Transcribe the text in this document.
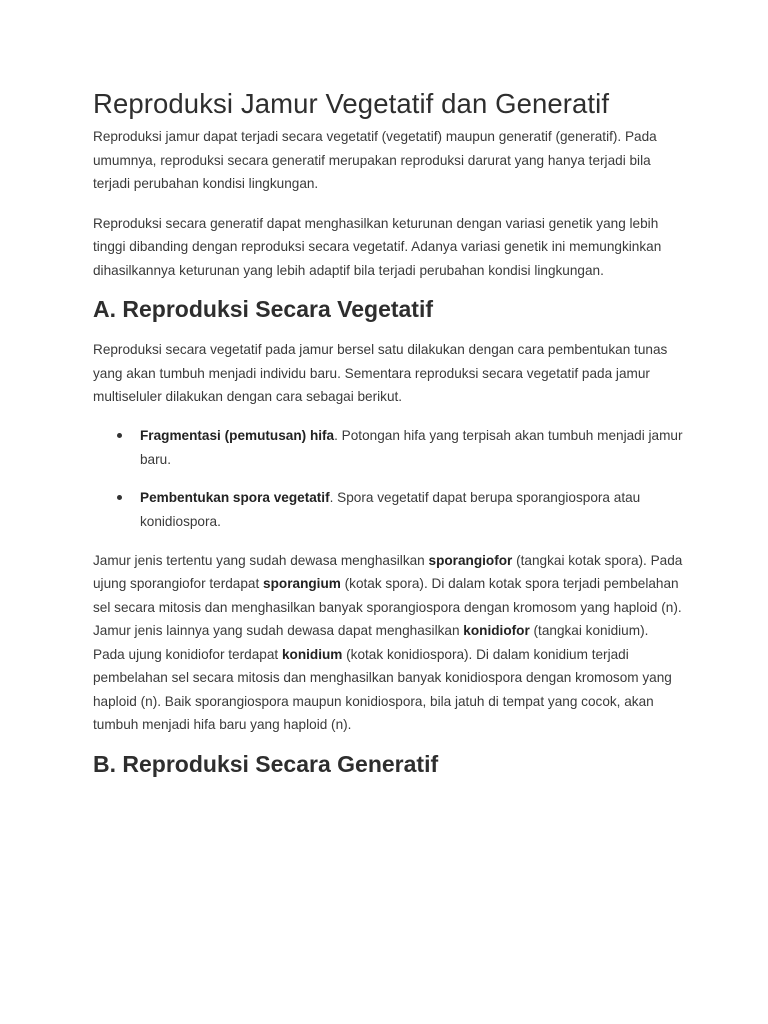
Reproduksi Jamur Vegetatif dan Generatif

Reproduksi jamur dapat terjadi secara vegetatif (vegetatif) maupun generatif (generatif). Pada umumnya, reproduksi secara generatif merupakan reproduksi darurat yang hanya terjadi bila terjadi perubahan kondisi lingkungan.

Reproduksi secara generatif dapat menghasilkan keturunan dengan variasi genetik yang lebih tinggi dibanding dengan reproduksi secara vegetatif. Adanya variasi genetik ini memungkinkan dihasilkannya keturunan yang lebih adaptif bila terjadi perubahan kondisi lingkungan.

A. Reproduksi Secara Vegetatif

Reproduksi secara vegetatif pada jamur bersel satu dilakukan dengan cara pembentukan tunas yang akan tumbuh menjadi individu baru. Sementara reproduksi secara vegetatif pada jamur multiseluler dilakukan dengan cara sebagai berikut.

Fragmentasi (pemutusan) hifa. Potongan hifa yang terpisah akan tumbuh menjadi jamur baru.
Pembentukan spora vegetatif. Spora vegetatif dapat berupa sporangiospora atau konidiospora.

Jamur jenis tertentu yang sudah dewasa menghasilkan sporangiofor (tangkai kotak spora). Pada ujung sporangiofor terdapat sporangium (kotak spora). Di dalam kotak spora terjadi pembelahan sel secara mitosis dan menghasilkan banyak sporangiospora dengan kromosom yang haploid (n). Jamur jenis lainnya yang sudah dewasa dapat menghasilkan konidiofor (tangkai konidium). Pada ujung konidiofor terdapat konidium (kotak konidiospora). Di dalam konidium terjadi pembelahan sel secara mitosis dan menghasilkan banyak konidiospora dengan kromosom yang haploid (n). Baik sporangiospora maupun konidiospora, bila jatuh di tempat yang cocok, akan tumbuh menjadi hifa baru yang haploid (n).

B. Reproduksi Secara Generatif
